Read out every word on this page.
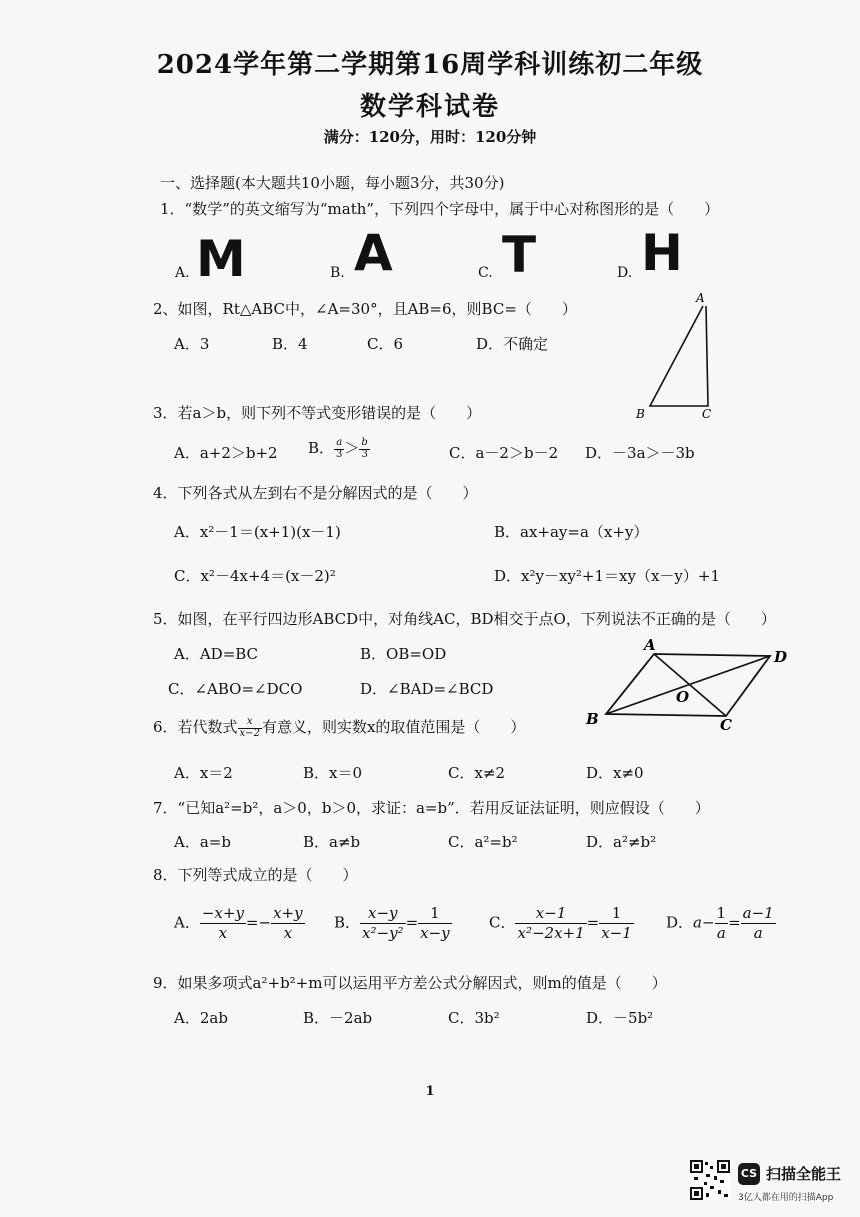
2024学年第二学期第16周学科训练初二年级
数学科试卷
满分：120分，用时：120分钟
一、选择题(本大题共10小题，每小题3分，共30分)
1．“数学”的英文缩写为“math”，下列四个字母中，属于中心对称图形的是（　　）
A. M	B. A	C. T	D. H
2、如图，Rt△ABC中，∠A=30°，且AB=6，则BC=（　　）
A．3	B．4	C．6	D．不确定
A
B	C
3．若a＞b，则下列不等式变形错误的是（　　）
A．a+2＞b+2 B． $\frac{a}{3} > \frac{b}{3}$	C．a－2＞b－2 D．－3a＞－3b
4．下列各式从左到右不是分解因式的是（　　）
A．x²－1＝(x+1)(x－1)	B．ax+ay=a（x+y）
C．x²－4x+4＝(x－2)²	D．x²y－xy²+1＝xy（x－y）+1
5．如图，在平行四边形ABCD中，对角线AC，BD相交于点O，下列说法不正确的是（　　）
A．AD=BC	B．OB=OD
C．∠ABO=∠DCO	D．∠BAD=∠BCD
A
B	C
D
O
6．若代数式 $\frac{x}{x-2}$ 有意义，则实数x的取值范围是（　　）
A．x＝2	B．x＝0	C．x≠2	D．x≠0
7．“已知a²=b²，a＞0，b＞0，求证：a=b”．若用反证法证明，则应假设（　　）
A．a=b	B．a≠b	C．a²=b²	D．a²≠b²
8．下列等式成立的是（　　）
A． $\frac{-x+y}{x} =- \frac{x+y}{x}$ B． $\frac{x-y}{\text{x²−y²}} = \frac{1}{x-y}$ C． $\frac{x-1}{\text{x²−2x+1}} = \frac{1}{x-1}$ D．$a- \frac{1}{a} = \frac{a-1}{a}$
9．如果多项式a²+b²+m可以运用平方差公式分解因式，则m的值是（　　）
A．2ab	B．－2ab	C．3b²	D．－5b²
1
CS 扫描全能王
3亿人都在用的扫描App
